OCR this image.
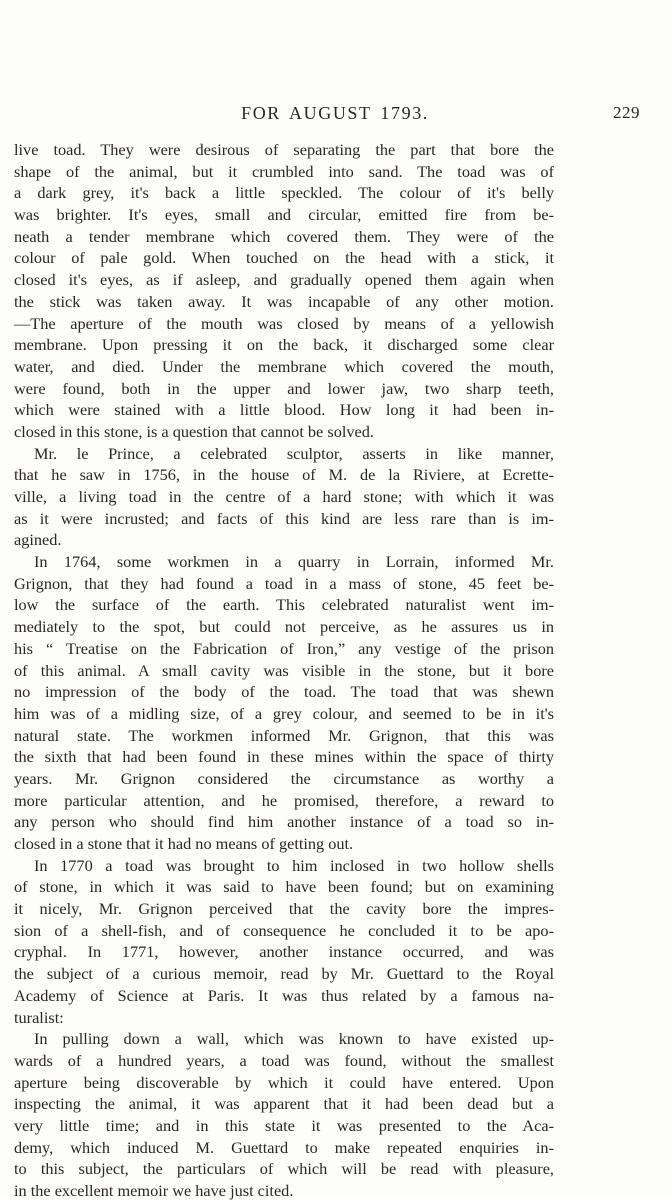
FOR AUGUST 1793.	229
live toad. They were desirous of separating the part that bore the
shape of the animal, but it crumbled into sand. The toad was of
a dark grey, it's back a little speckled. The colour of it's belly
was brighter. It's eyes, small and circular, emitted fire from be-
neath a tender membrane which covered them. They were of the
colour of pale gold. When touched on the head with a stick, it
closed it's eyes, as if asleep, and gradually opened them again when
the stick was taken away. It was incapable of any other motion.
—The aperture of the mouth was closed by means of a yellowish
membrane. Upon pressing it on the back, it discharged some clear
water, and died. Under the membrane which covered the mouth,
were found, both in the upper and lower jaw, two sharp teeth,
which were stained with a little blood. How long it had been in-
closed in this stone, is a question that cannot be solved.
Mr. le Prince, a celebrated sculptor, asserts in like manner,
that he saw in 1756, in the house of M. de la Riviere, at Ecrette-
ville, a living toad in the centre of a hard stone; with which it was
as it were incrusted; and facts of this kind are less rare than is im-
agined.
In 1764, some workmen in a quarry in Lorrain, informed Mr.
Grignon, that they had found a toad in a mass of stone, 45 feet be-
low the surface of the earth. This celebrated naturalist went im-
mediately to the spot, but could not perceive, as he assures us in
his “ Treatise on the Fabrication of Iron,” any vestige of the prison
of this animal. A small cavity was visible in the stone, but it bore
no impression of the body of the toad. The toad that was shewn
him was of a midling size, of a grey colour, and seemed to be in it's
natural state. The workmen informed Mr. Grignon, that this was
the sixth that had been found in these mines within the space of thirty
years. Mr. Grignon considered the circumstance as worthy a
more particular attention, and he promised, therefore, a reward to
any person who should find him another instance of a toad so in-
closed in a stone that it had no means of getting out.
In 1770 a toad was brought to him inclosed in two hollow shells
of stone, in which it was said to have been found; but on examining
it nicely, Mr. Grignon perceived that the cavity bore the impres-
sion of a shell-fish, and of consequence he concluded it to be apo-
cryphal. In 1771, however, another instance occurred, and was
the subject of a curious memoir, read by Mr. Guettard to the Royal
Academy of Science at Paris. It was thus related by a famous na-
turalist:
In pulling down a wall, which was known to have existed up-
wards of a hundred years, a toad was found, without the smallest
aperture being discoverable by which it could have entered. Upon
inspecting the animal, it was apparent that it had been dead but a
very little time; and in this state it was presented to the Aca-
demy, which induced M. Guettard to make repeated enquiries in-
to this subject, the particulars of which will be read with pleasure,
in the excellent memoir we have just cited.
